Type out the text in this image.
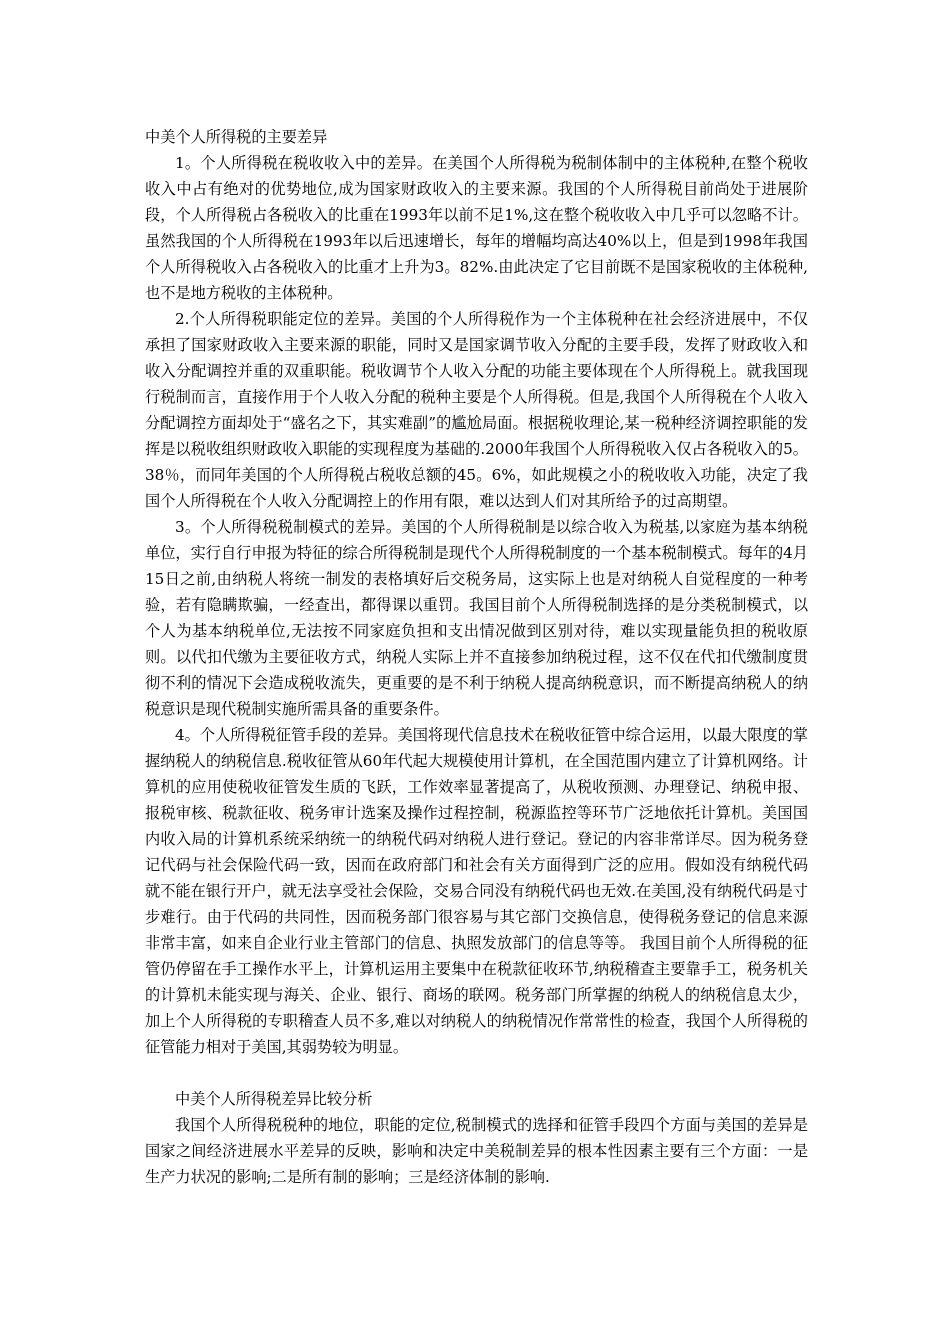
中美个人所得税的主要差异

1。个人所得税在税收收入中的差异。在美国个人所得税为税制体制中的主体税种,在整个税收收入中占有绝对的优势地位,成为国家财政收入的主要来源。我国的个人所得税目前尚处于进展阶段，个人所得税占各税收入的比重在1993年以前不足1%,这在整个税收收入中几乎可以忽略不计。虽然我国的个人所得税在1993年以后迅速增长，每年的增幅均高达40%以上，但是到1998年我国个人所得税收入占各税收入的比重才上升为3。82%.由此决定了它目前既不是国家税收的主体税种,也不是地方税收的主体税种。

2.个人所得税职能定位的差异。美国的个人所得税作为一个主体税种在社会经济进展中，不仅承担了国家财政收入主要来源的职能，同时又是国家调节收入分配的主要手段，发挥了财政收入和收入分配调控并重的双重职能。税收调节个人收入分配的功能主要体现在个人所得税上。就我国现行税制而言，直接作用于个人收入分配的税种主要是个人所得税。但是,我国个人所得税在个人收入分配调控方面却处于“盛名之下，其实难副”的尴尬局面。根据税收理论,某一税种经济调控职能的发挥是以税收组织财政收入职能的实现程度为基础的.2000年我国个人所得税收入仅占各税收入的5。38％，而同年美国的个人所得税占税收总额的45。6%，如此规模之小的税收收入功能，决定了我国个人所得税在个人收入分配调控上的作用有限，难以达到人们对其所给予的过高期望。

3。个人所得税税制模式的差异。美国的个人所得税制是以综合收入为税基,以家庭为基本纳税单位，实行自行申报为特征的综合所得税制是现代个人所得税制度的一个基本税制模式。每年的4月15日之前,由纳税人将统一制发的表格填好后交税务局，这实际上也是对纳税人自觉程度的一种考验，若有隐瞒欺骗，一经查出，都得课以重罚。我国目前个人所得税制选择的是分类税制模式，以个人为基本纳税单位,无法按不同家庭负担和支出情况做到区别对待，难以实现量能负担的税收原则。以代扣代缴为主要征收方式，纳税人实际上并不直接参加纳税过程，这不仅在代扣代缴制度贯彻不利的情况下会造成税收流失，更重要的是不利于纳税人提高纳税意识，而不断提高纳税人的纳税意识是现代税制实施所需具备的重要条件。

4。个人所得税征管手段的差异。美国将现代信息技术在税收征管中综合运用，以最大限度的掌握纳税人的纳税信息.税收征管从60年代起大规模使用计算机，在全国范围内建立了计算机网络。计算机的应用使税收征管发生质的飞跃，工作效率显著提高了，从税收预测、办理登记、纳税申报、报税审核、税款征收、税务审计选案及操作过程控制，税源监控等环节广泛地依托计算机。美国国内收入局的计算机系统采纳统一的纳税代码对纳税人进行登记。登记的内容非常详尽。因为税务登记代码与社会保险代码一致，因而在政府部门和社会有关方面得到广泛的应用。假如没有纳税代码就不能在银行开户，就无法享受社会保险，交易合同没有纳税代码也无效.在美国,没有纳税代码是寸步难行。由于代码的共同性，因而税务部门很容易与其它部门交换信息，使得税务登记的信息来源非常丰富，如来自企业行业主管部门的信息、执照发放部门的信息等等。 我国目前个人所得税的征管仍停留在手工操作水平上，计算机运用主要集中在税款征收环节,纳税稽查主要靠手工，税务机关的计算机未能实现与海关、企业、银行、商场的联网。税务部门所掌握的纳税人的纳税信息太少，加上个人所得税的专职稽查人员不多,难以对纳税人的纳税情况作常常性的检查，我国个人所得税的征管能力相对于美国,其弱势较为明显。

中美个人所得税差异比较分析

我国个人所得税税种的地位，职能的定位,税制模式的选择和征管手段四个方面与美国的差异是国家之间经济进展水平差异的反映，影响和决定中美税制差异的根本性因素主要有三个方面：一是生产力状况的影响;二是所有制的影响；三是经济体制的影响.
